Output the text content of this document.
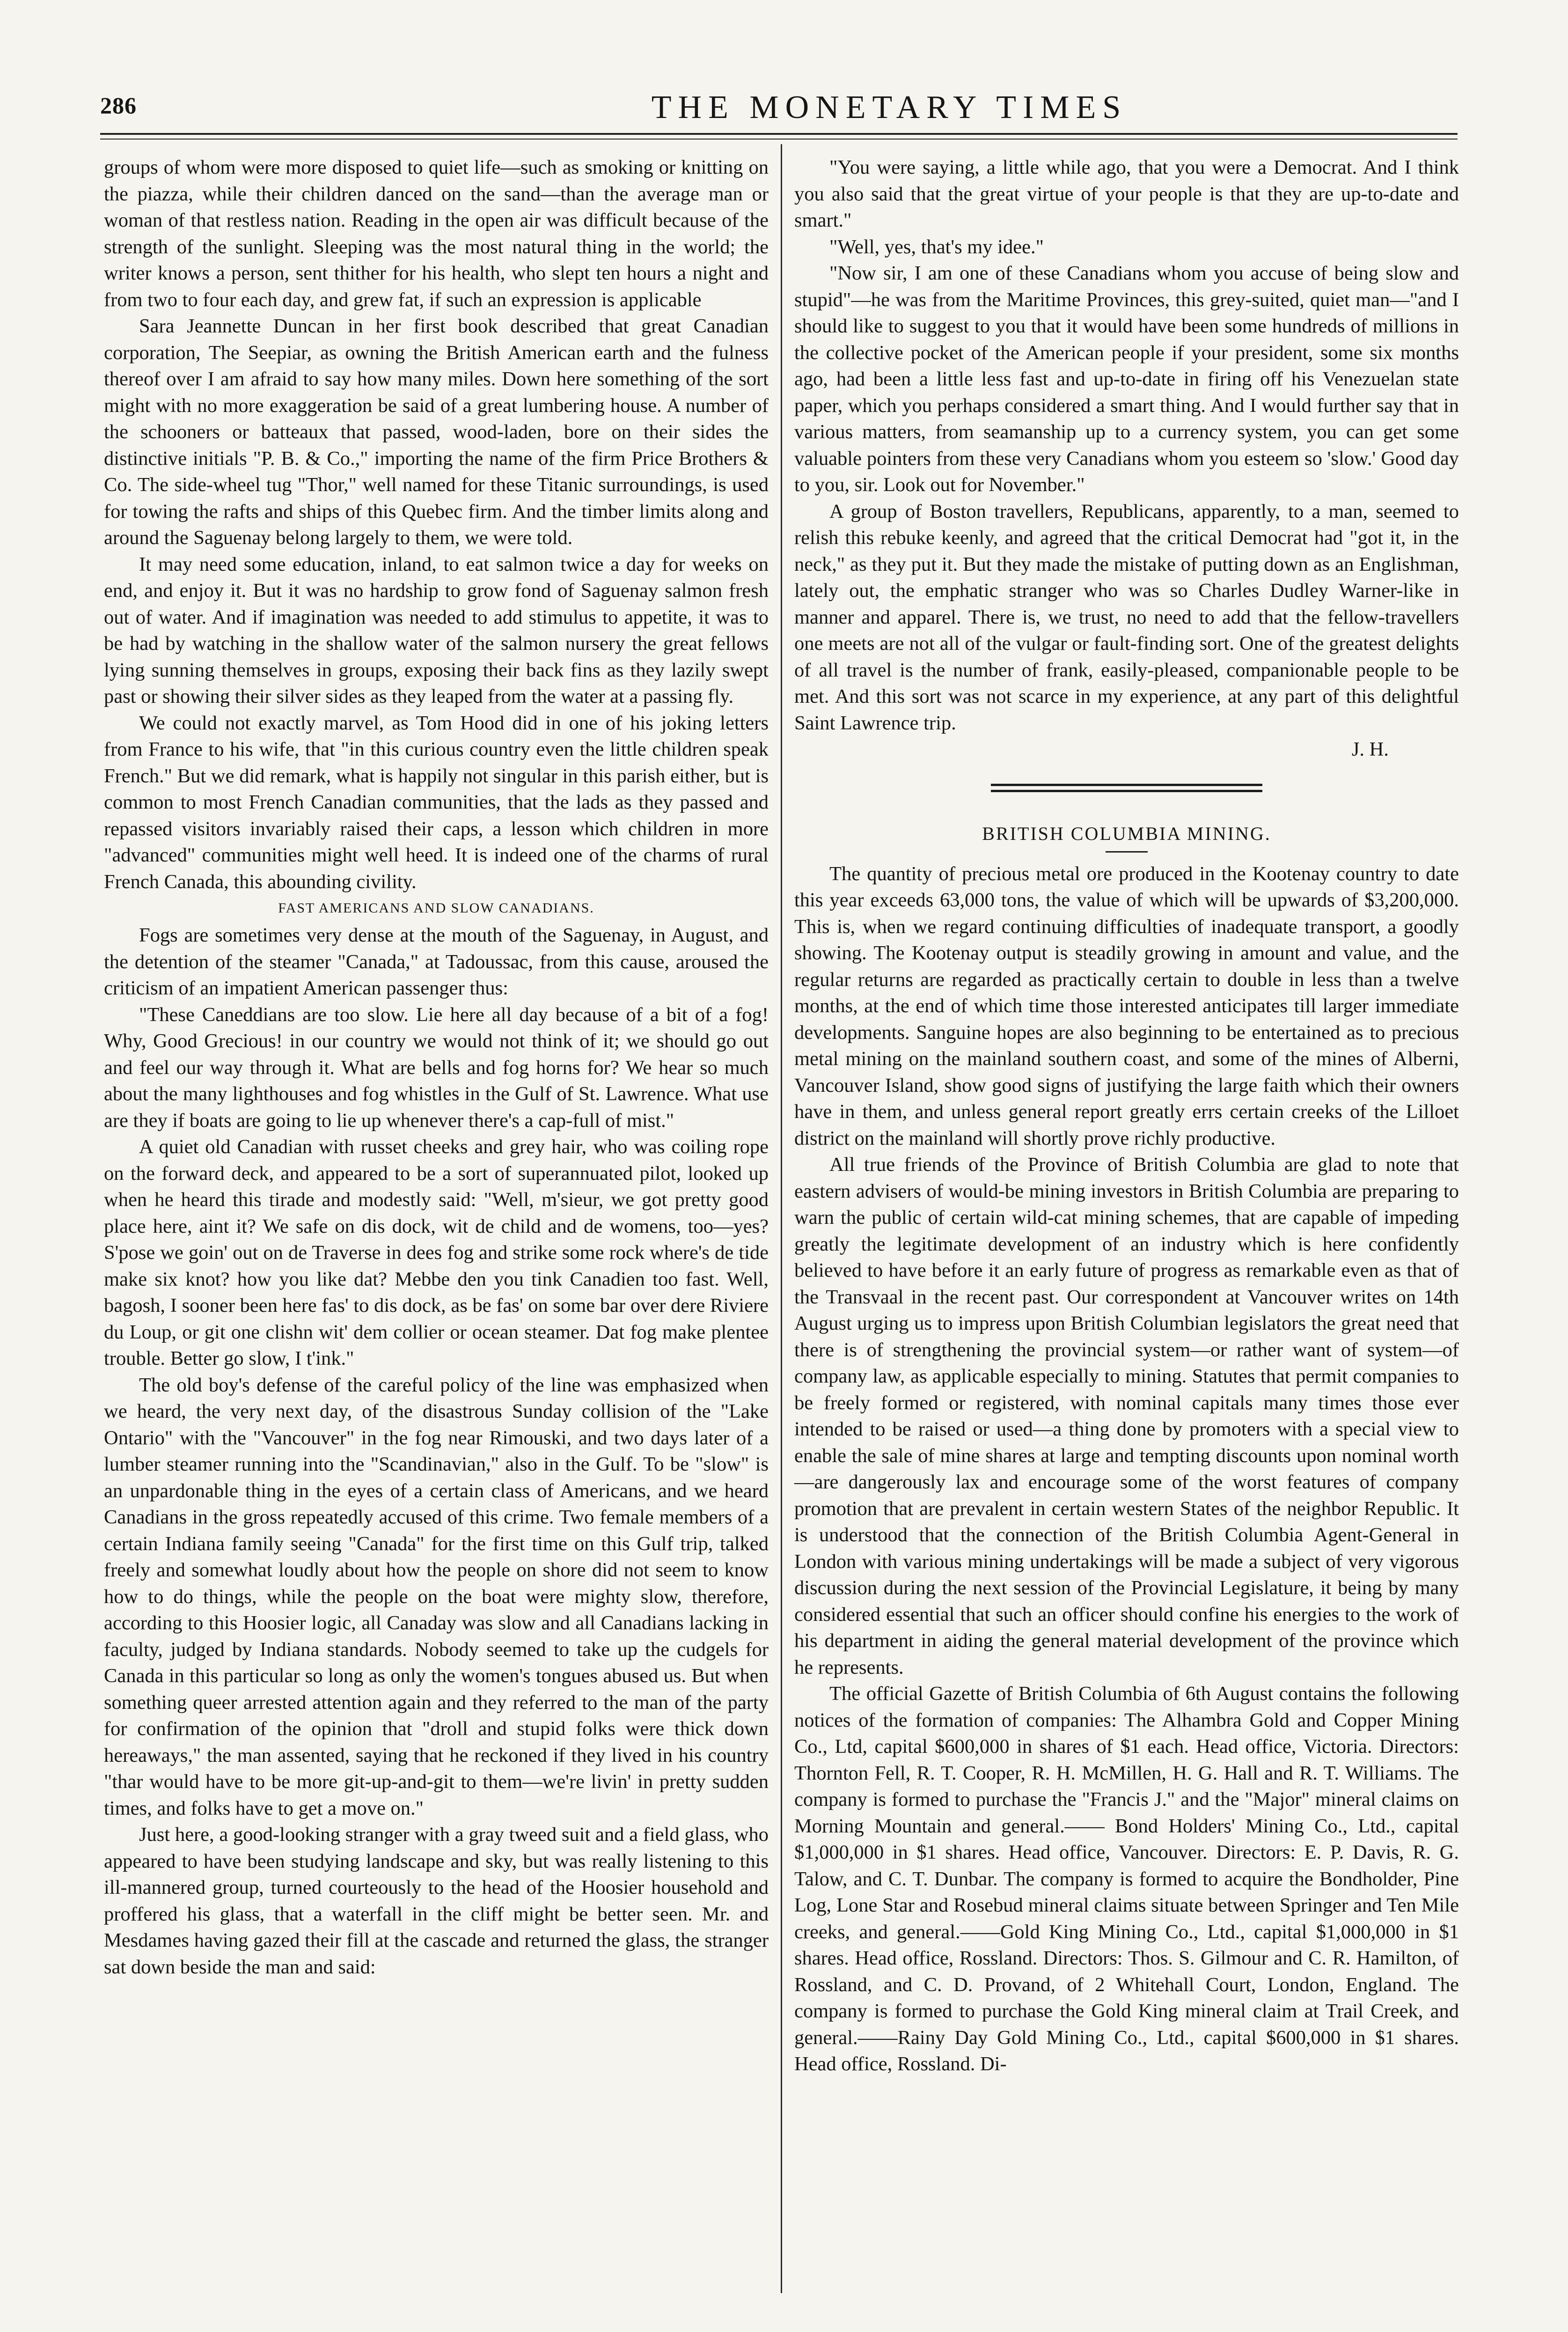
286	THE MONETARY TIMES

groups of whom were more disposed to quiet life—such as smoking or knitting on the piazza, while their children danced on the sand—than the average man or woman of that restless nation. Reading in the open air was difficult because of the strength of the sunlight. Sleeping was the most natural thing in the world; the writer knows a person, sent thither for his health, who slept ten hours a night and from two to four each day, and grew fat, if such an expression is applicable

Sara Jeannette Duncan in her first book described that great Canadian corporation, The Seepiar, as owning the British American earth and the fulness thereof over I am afraid to say how many miles. Down here something of the sort might with no more exaggeration be said of a great lumbering house. A number of the schooners or batteaux that passed, wood-laden, bore on their sides the distinctive initials "P. B. & Co.," importing the name of the firm Price Brothers & Co. The side-wheel tug "Thor," well named for these Titanic surroundings, is used for towing the rafts and ships of this Quebec firm. And the timber limits along and around the Saguenay belong largely to them, we were told.

It may need some education, inland, to eat salmon twice a day for weeks on end, and enjoy it. But it was no hardship to grow fond of Saguenay salmon fresh out of water. And if imagination was needed to add stimulus to appetite, it was to be had by watching in the shallow water of the salmon nursery the great fellows lying sunning themselves in groups, exposing their back fins as they lazily swept past or showing their silver sides as they leaped from the water at a passing fly.

We could not exactly marvel, as Tom Hood did in one of his joking letters from France to his wife, that "in this curious country even the little children speak French." But we did remark, what is happily not singular in this parish either, but is common to most French Canadian communities, that the lads as they passed and repassed visitors invariably raised their caps, a lesson which children in more "advanced" communities might well heed. It is indeed one of the charms of rural French Canada, this abounding civility.

FAST AMERICANS AND SLOW CANADIANS.

Fogs are sometimes very dense at the mouth of the Saguenay, in August, and the detention of the steamer "Canada," at Tadoussac, from this cause, aroused the criticism of an impatient American passenger thus:

"These Caneddians are too slow. Lie here all day because of a bit of a fog! Why, Good Grecious! in our country we would not think of it; we should go out and feel our way through it. What are bells and fog horns for? We hear so much about the many lighthouses and fog whistles in the Gulf of St. Lawrence. What use are they if boats are going to lie up whenever there's a cap-full of mist."

A quiet old Canadian with russet cheeks and grey hair, who was coiling rope on the forward deck, and appeared to be a sort of superannuated pilot, looked up when he heard this tirade and modestly said: "Well, m'sieur, we got pretty good place here, aint it? We safe on dis dock, wit de child and de womens, too—yes? S'pose we goin' out on de Traverse in dees fog and strike some rock where's de tide make six knot? how you like dat? Mebbe den you tink Canadien too fast. Well, bagosh, I sooner been here fas' to dis dock, as be fas' on some bar over dere Riviere du Loup, or git one clishn wit' dem collier or ocean steamer. Dat fog make plentee trouble. Better go slow, I t'ink."

The old boy's defense of the careful policy of the line was emphasized when we heard, the very next day, of the disastrous Sunday collision of the "Lake Ontario" with the "Vancouver" in the fog near Rimouski, and two days later of a lumber steamer running into the "Scandinavian," also in the Gulf. To be "slow" is an unpardonable thing in the eyes of a certain class of Americans, and we heard Canadians in the gross repeatedly accused of this crime. Two female members of a certain Indiana family seeing "Canada" for the first time on this Gulf trip, talked freely and somewhat loudly about how the people on shore did not seem to know how to do things, while the people on the boat were mighty slow, therefore, according to this Hoosier logic, all Canaday was slow and all Canadians lacking in faculty, judged by Indiana standards. Nobody seemed to take up the cudgels for Canada in this particular so long as only the women's tongues abused us. But when something queer arrested attention again and they referred to the man of the party for confirmation of the opinion that "droll and stupid folks were thick down hereaways," the man assented, saying that he reckoned if they lived in his country "thar would have to be more git-up-and-git to them—we're livin' in pretty sudden times, and folks have to get a move on."

Just here, a good-looking stranger with a gray tweed suit and a field glass, who appeared to have been studying landscape and sky, but was really listening to this ill-mannered group, turned courteously to the head of the Hoosier household and proffered his glass, that a waterfall in the cliff might be better seen. Mr. and Mesdames having gazed their fill at the cascade and returned the glass, the stranger sat down beside the man and said:

"You were saying, a little while ago, that you were a Democrat. And I think you also said that the great virtue of your people is that they are up-to-date and smart."

"Well, yes, that's my idee."

"Now sir, I am one of these Canadians whom you accuse of being slow and stupid"—he was from the Maritime Provinces, this grey-suited, quiet man—"and I should like to suggest to you that it would have been some hundreds of millions in the collective pocket of the American people if your president, some six months ago, had been a little less fast and up-to-date in firing off his Venezuelan state paper, which you perhaps considered a smart thing. And I would further say that in various matters, from seamanship up to a currency system, you can get some valuable pointers from these very Canadians whom you esteem so 'slow.' Good day to you, sir. Look out for November."

A group of Boston travellers, Republicans, apparently, to a man, seemed to relish this rebuke keenly, and agreed that the critical Democrat had "got it, in the neck," as they put it. But they made the mistake of putting down as an Englishman, lately out, the emphatic stranger who was so Charles Dudley Warner-like in manner and apparel. There is, we trust, no need to add that the fellow-travellers one meets are not all of the vulgar or fault-finding sort. One of the greatest delights of all travel is the number of frank, easily-pleased, companionable people to be met. And this sort was not scarce in my experience, at any part of this delightful Saint Lawrence trip.

J. H.

BRITISH COLUMBIA MINING.

The quantity of precious metal ore produced in the Kootenay country to date this year exceeds 63,000 tons, the value of which will be upwards of $3,200,000. This is, when we regard continuing difficulties of inadequate transport, a goodly showing. The Kootenay output is steadily growing in amount and value, and the regular returns are regarded as practically certain to double in less than a twelve months, at the end of which time those interested anticipates till larger immediate developments. Sanguine hopes are also beginning to be entertained as to precious metal mining on the mainland southern coast, and some of the mines of Alberni, Vancouver Island, show good signs of justifying the large faith which their owners have in them, and unless general report greatly errs certain creeks of the Lilloet district on the mainland will shortly prove richly productive.

All true friends of the Province of British Columbia are glad to note that eastern advisers of would-be mining investors in British Columbia are preparing to warn the public of certain wild-cat mining schemes, that are capable of impeding greatly the legitimate development of an industry which is here confidently believed to have before it an early future of progress as remarkable even as that of the Transvaal in the recent past. Our correspondent at Vancouver writes on 14th August urging us to impress upon British Columbian legislators the great need that there is of strengthening the provincial system—or rather want of system—of company law, as applicable especially to mining. Statutes that permit companies to be freely formed or registered, with nominal capitals many times those ever intended to be raised or used—a thing done by promoters with a special view to enable the sale of mine shares at large and tempting discounts upon nominal worth—are dangerously lax and encourage some of the worst features of company promotion that are prevalent in certain western States of the neighbor Republic. It is understood that the connection of the British Columbia Agent-General in London with various mining undertakings will be made a subject of very vigorous discussion during the next session of the Provincial Legislature, it being by many considered essential that such an officer should confine his energies to the work of his department in aiding the general material development of the province which he represents.

The official Gazette of British Columbia of 6th August contains the following notices of the formation of companies: The Alhambra Gold and Copper Mining Co., Ltd, capital $600,000 in shares of $1 each. Head office, Victoria. Directors: Thornton Fell, R. T. Cooper, R. H. McMillen, H. G. Hall and R. T. Williams. The company is formed to purchase the "Francis J." and the "Major" mineral claims on Morning Mountain and general.—— Bond Holders' Mining Co., Ltd., capital $1,000,000 in $1 shares. Head office, Vancouver. Directors: E. P. Davis, R. G. Talow, and C. T. Dunbar. The company is formed to acquire the Bondholder, Pine Log, Lone Star and Rosebud mineral claims situate between Springer and Ten Mile creeks, and general.——Gold King Mining Co., Ltd., capital $1,000,000 in $1 shares. Head office, Rossland. Directors: Thos. S. Gilmour and C. R. Hamilton, of Rossland, and C. D. Provand, of 2 Whitehall Court, London, England. The company is formed to purchase the Gold King mineral claim at Trail Creek, and general.——Rainy Day Gold Mining Co., Ltd., capital $600,000 in $1 shares. Head office, Rossland. Di-
